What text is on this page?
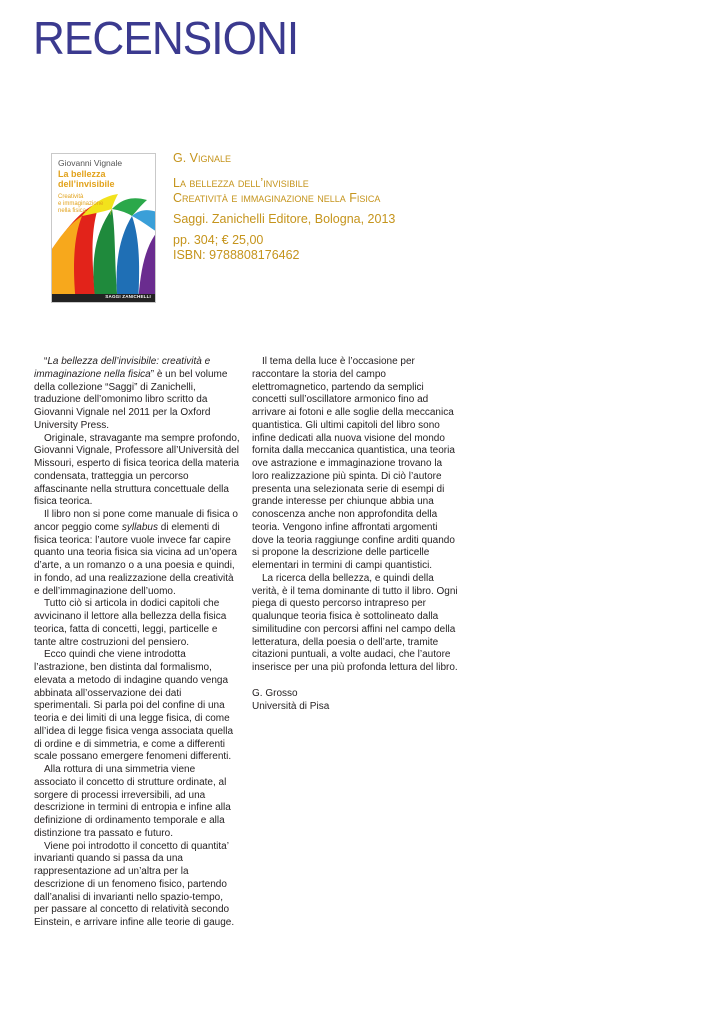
RECENSIONI
Giovanni Vignale
La bellezza
dell’invisibile
Creatività
e immaginazione
nella fisica
SAGGI ZANICHELLI
G. Vignale
La bellezza dell’invisibile
Creatività e immaginazione nella Fisica
Saggi. Zanichelli Editore, Bologna, 2013
pp. 304; € 25,00
ISBN: 9788808176462

“La bellezza dell’invisibile: creatività e immaginazione nella fisica” è un bel volume della collezione “Saggi” di Zanichelli, traduzione dell’omonimo libro scritto da Giovanni Vignale nel 2011 per la Oxford University Press.

Originale, stravagante ma sempre profondo, Giovanni Vignale, Professore all’Università del Missouri, esperto di fisica teorica della materia condensata, tratteggia un percorso affascinante nella struttura concettuale della fisica teorica.

Il libro non si pone come manuale di fisica o ancor peggio come syllabus di elementi di fisica teorica: l’autore vuole invece far capire quanto una teoria fisica sia vicina ad un’opera d’arte, a un romanzo o a una poesia e quindi, in fondo, ad una realizzazione della creatività e dell’immaginazione dell’uomo.

Tutto ciò si articola in dodici capitoli che avvicinano il lettore alla bellezza della fisica teorica, fatta di concetti, leggi, particelle e tante altre costruzioni del pensiero.

Ecco quindi che viene introdotta l’astrazione, ben distinta dal formalismo, elevata a metodo di indagine quando venga abbinata all’osservazione dei dati sperimentali. Si parla poi del confine di una teoria e dei limiti di una legge fisica, di come all’idea di legge fisica venga associata quella di ordine e di simmetria, e come a differenti scale possano emergere fenomeni differenti.

Alla rottura di una simmetria viene associato il concetto di strutture ordinate, al sorgere di processi irreversibili, ad una descrizione in termini di entropia e infine alla definizione di ordinamento temporale e alla distinzione tra passato e futuro.

Viene poi introdotto il concetto di quantita’ invarianti quando si passa da una rappresentazione ad un’altra per la descrizione di un fenomeno fisico, partendo dall’analisi di invarianti nello spazio-tempo, per passare al concetto di relatività secondo Einstein, e arrivare infine alle teorie di gauge.

Il tema della luce è l’occasione per raccontare la storia del campo elettromagnetico, partendo da semplici concetti sull’oscillatore armonico fino ad arrivare ai fotoni e alle soglie della meccanica quantistica. Gli ultimi capitoli del libro sono infine dedicati alla nuova visione del mondo fornita dalla meccanica quantistica, una teoria ove astrazione e immaginazione trovano la loro realizzazione più spinta. Di ciò l’autore presenta una selezionata serie di esempi di grande interesse per chiunque abbia una conoscenza anche non approfondita della teoria. Vengono infine affrontati argomenti dove la teoria raggiunge confine arditi quando si propone la descrizione delle particelle elementari in termini di campi quantistici.

La ricerca della bellezza, e quindi della verità, è il tema dominante di tutto il libro. Ogni piega di questo percorso intrapreso per qualunque teoria fisica è sottolineato dalla similitudine con percorsi affini nel campo della letteratura, della poesia o dell’arte, tramite citazioni puntuali, a volte audaci, che l’autore inserisce per una più profonda lettura del libro.

G. Grosso
Università di Pisa
